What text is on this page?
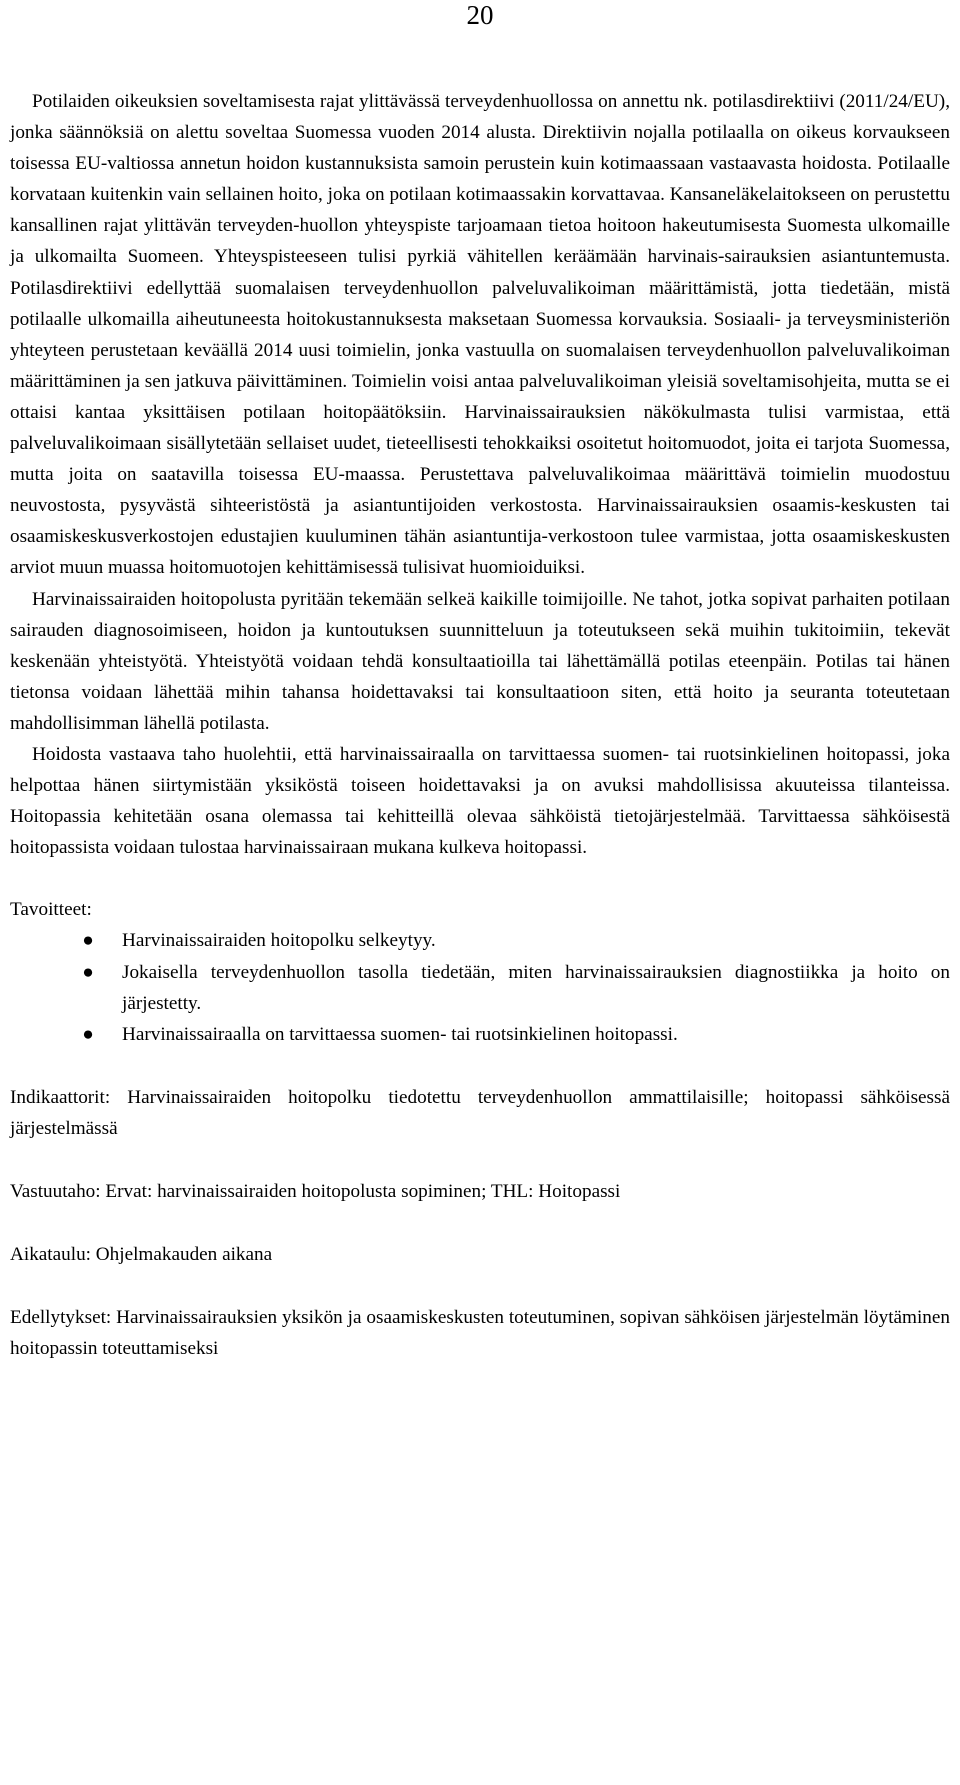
20

Potilaiden oikeuksien soveltamisesta rajat ylittävässä terveydenhuollossa on annettu nk. potilasdirektiivi (2011/24/EU), jonka säännöksiä on alettu soveltaa Suomessa vuoden 2014 alusta. Direktiivin nojalla potilaalla on oikeus korvaukseen toisessa EU-valtiossa annetun hoidon kustannuksista samoin perustein kuin kotimaassaan vastaavasta hoidosta. Potilaalle korvataan kuitenkin vain sellainen hoito, joka on potilaan kotimaassakin korvattavaa. Kansaneläkelaitokseen on perustettu kansallinen rajat ylittävän terveyden-huollon yhteyspiste tarjoamaan tietoa hoitoon hakeutumisesta Suomesta ulkomaille ja ulkomailta Suomeen. Yhteyspisteeseen tulisi pyrkiä vähitellen keräämään harvinais-sairauksien asiantuntemusta. Potilasdirektiivi edellyttää suomalaisen terveydenhuollon palveluvalikoiman määrittämistä, jotta tiedetään, mistä potilaalle ulkomailla aiheutuneesta hoitokustannuksesta maksetaan Suomessa korvauksia. Sosiaali- ja terveysministeriön yhteyteen perustetaan keväällä 2014 uusi toimielin, jonka vastuulla on suomalaisen terveydenhuollon palveluvalikoiman määrittäminen ja sen jatkuva päivittäminen. Toimielin voisi antaa palveluvalikoiman yleisiä soveltamisohjeita, mutta se ei ottaisi kantaa yksittäisen potilaan hoitopäätöksiin. Harvinaissairauksien näkökulmasta tulisi varmistaa, että palveluvalikoimaan sisällytetään sellaiset uudet, tieteellisesti tehokkaiksi osoitetut hoitomuodot, joita ei tarjota Suomessa, mutta joita on saatavilla toisessa EU-maassa. Perustettava palveluvalikoimaa määrittävä toimielin muodostuu neuvostosta, pysyvästä sihteeristöstä ja asiantuntijoiden verkostosta. Harvinaissairauksien osaamis-keskusten tai osaamiskeskusverkostojen edustajien kuuluminen tähän asiantuntija-verkostoon tulee varmistaa, jotta osaamiskeskusten arviot muun muassa hoitomuotojen kehittämisessä tulisivat huomioiduiksi.

Harvinaissairaiden hoitopolusta pyritään tekemään selkeä kaikille toimijoille. Ne tahot, jotka sopivat parhaiten potilaan sairauden diagnosoimiseen, hoidon ja kuntoutuksen suunnitteluun ja toteutukseen sekä muihin tukitoimiin, tekevät keskenään yhteistyötä. Yhteistyötä voidaan tehdä konsultaatioilla tai lähettämällä potilas eteenpäin. Potilas tai hänen tietonsa voidaan lähettää mihin tahansa hoidettavaksi tai konsultaatioon siten, että hoito ja seuranta toteutetaan mahdollisimman lähellä potilasta.

Hoidosta vastaava taho huolehtii, että harvinaissairaalla on tarvittaessa suomen- tai ruotsinkielinen hoitopassi, joka helpottaa hänen siirtymistään yksiköstä toiseen hoidettavaksi ja on avuksi mahdollisissa akuuteissa tilanteissa. Hoitopassia kehitetään osana olemassa tai kehitteillä olevaa sähköistä tietojärjestelmää. Tarvittaessa sähköisestä hoitopassista voidaan tulostaa harvinaissairaan mukana kulkeva hoitopassi.

Tavoitteet:
● Harvinaissairaiden hoitopolku selkeytyy.
● Jokaisella terveydenhuollon tasolla tiedetään, miten harvinaissairauksien diagnostiikka ja hoito on järjestetty.
● Harvinaissairaalla on tarvittaessa suomen- tai ruotsinkielinen hoitopassi.

Indikaattorit: Harvinaissairaiden hoitopolku tiedotettu terveydenhuollon ammattilaisille; hoitopassi sähköisessä järjestelmässä

Vastuutaho: Ervat: harvinaissairaiden hoitopolusta sopiminen; THL: Hoitopassi

Aikataulu: Ohjelmakauden aikana

Edellytykset: Harvinaissairauksien yksikön ja osaamiskeskusten toteutuminen, sopivan sähköisen järjestelmän löytäminen hoitopassin toteuttamiseksi
